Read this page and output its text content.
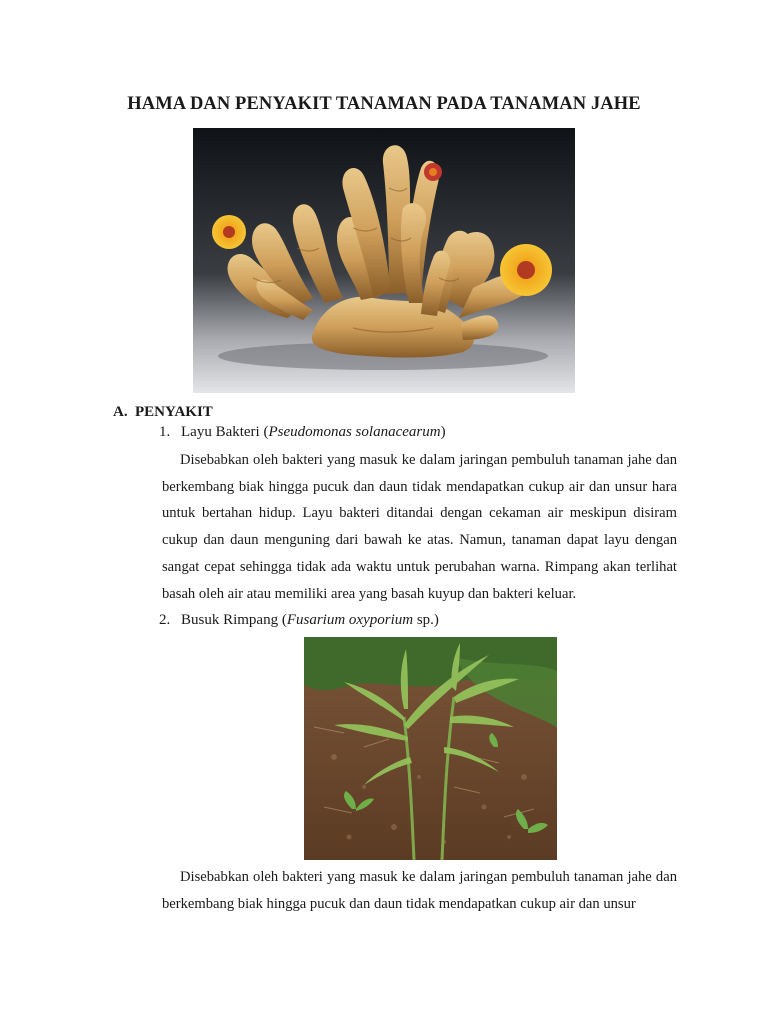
HAMA DAN PENYAKIT TANAMAN PADA TANAMAN JAHE
A. PENYAKIT
1. Layu Bakteri (Pseudomonas solanacearum)
Disebabkan oleh bakteri yang masuk ke dalam jaringan pembuluh tanaman jahe dan berkembang biak hingga pucuk dan daun tidak mendapatkan cukup air dan unsur hara untuk bertahan hidup. Layu bakteri ditandai dengan cekaman air meskipun disiram cukup dan daun menguning dari bawah ke atas. Namun, tanaman dapat layu dengan sangat cepat sehingga tidak ada waktu untuk perubahan warna. Rimpang akan terlihat basah oleh air atau memiliki area yang basah kuyup dan bakteri keluar.
2. Busuk Rimpang (Fusarium oxyporium sp.)
Disebabkan oleh bakteri yang masuk ke dalam jaringan pembuluh tanaman jahe dan berkembang biak hingga pucuk dan daun tidak mendapatkan cukup air dan unsur
